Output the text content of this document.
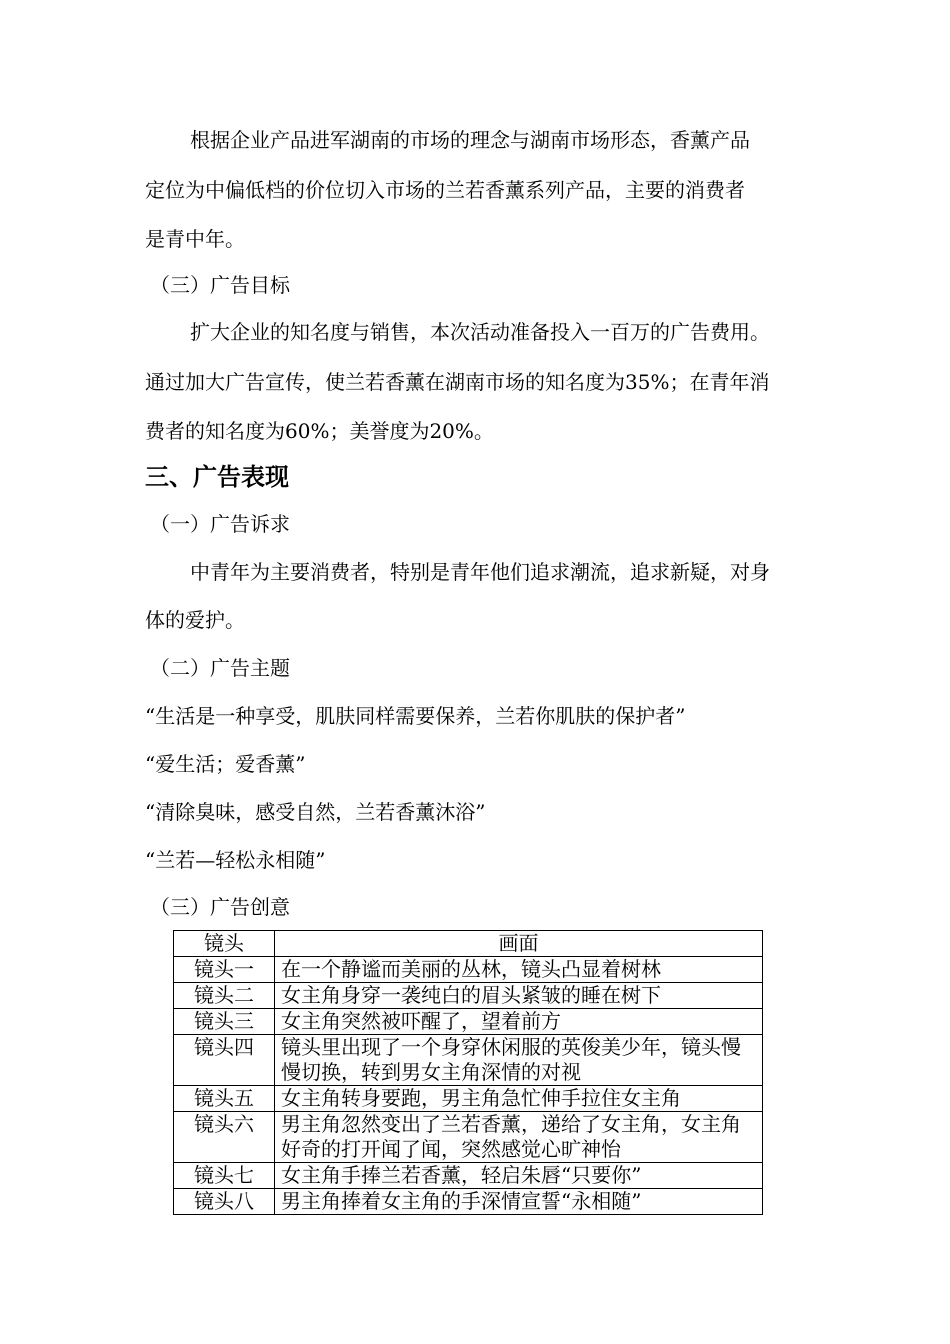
根据企业产品进军湖南的市场的理念与湖南市场形态，香薰产品
定位为中偏低档的价位切入市场的兰若香薰系列产品，主要的消费者
是青中年。
（三）广告目标
扩大企业的知名度与销售，本次活动准备投入一百万的广告费用。
通过加大广告宣传，使兰若香薰在湖南市场的知名度为35%；在青年消
费者的知名度为60%；美誉度为20%。
三、广告表现
（一）广告诉求
中青年为主要消费者，特别是青年他们追求潮流，追求新疑，对身
体的爱护。
（二）广告主题
“生活是一种享受，肌肤同样需要保养，兰若你肌肤的保护者”
“爱生活；爱香薰”
“清除臭味，感受自然，兰若香薰沐浴”
“兰若—轻松永相随”
（三）广告创意
镜头	画面
镜头一	在一个静谧而美丽的丛林，镜头凸显着树林
镜头二	女主角身穿一袭纯白的眉头紧皱的睡在树下
镜头三	女主角突然被吓醒了，望着前方
镜头四	镜头里出现了一个身穿休闲服的英俊美少年，镜头慢慢切换，转到男女主角深情的对视
镜头五	女主角转身要跑，男主角急忙伸手拉住女主角
镜头六	男主角忽然变出了兰若香薰，递给了女主角，女主角好奇的打开闻了闻，突然感觉心旷神怡
镜头七	女主角手捧兰若香薰，轻启朱唇“只要你”
镜头八	男主角捧着女主角的手深情宣誓“永相随”
